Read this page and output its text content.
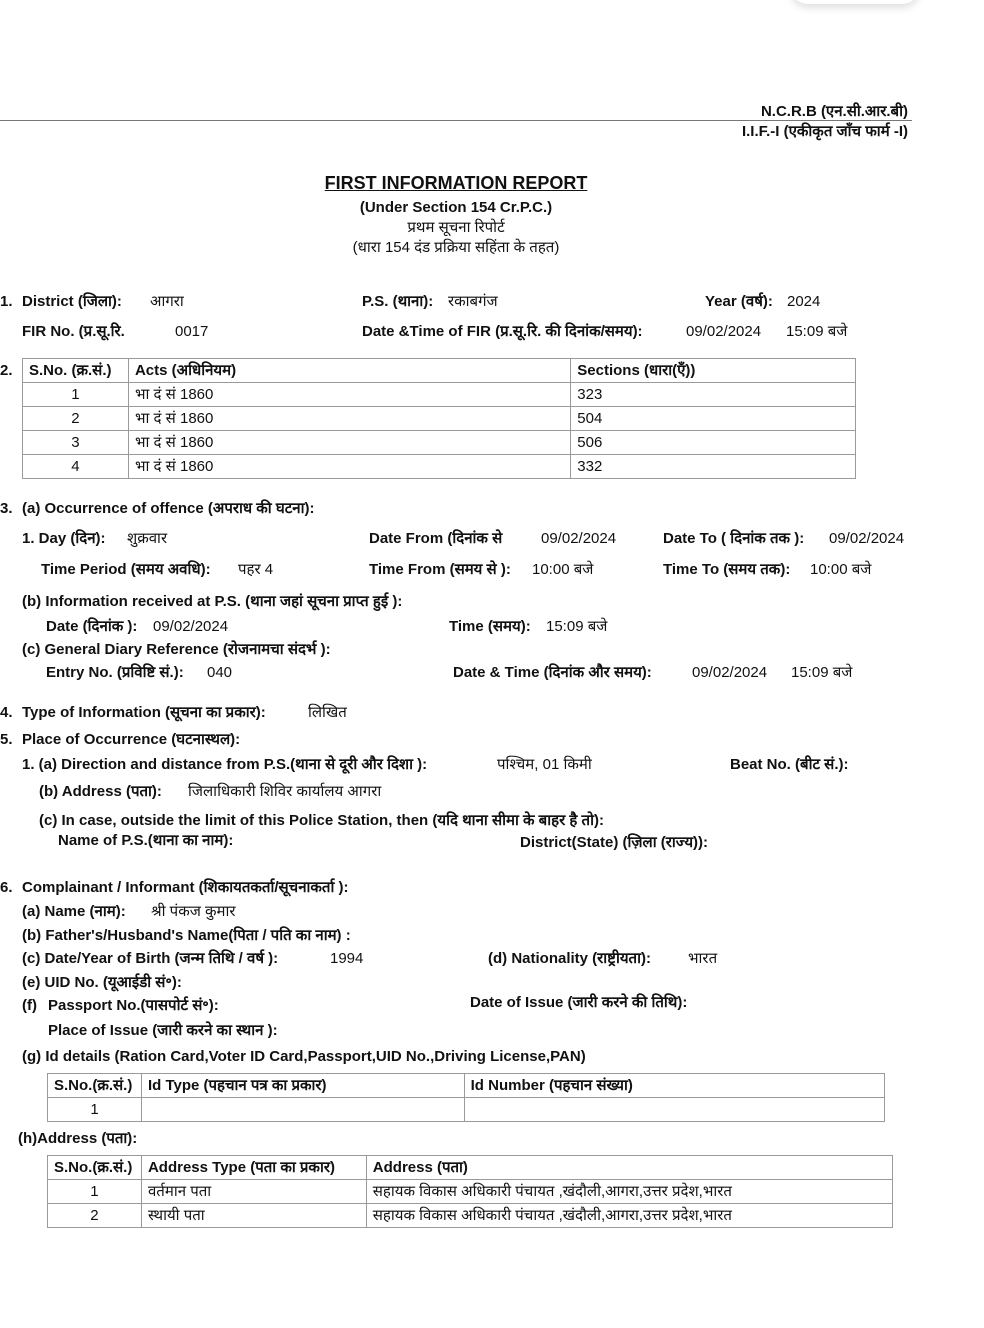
N.C.R.B (एन.सी.आर.बी)
I.I.F.-I (एकीकृत जाँच फार्म -I)
FIRST INFORMATION REPORT
(Under Section 154 Cr.P.C.)
प्रथम सूचना रिपोर्ट
(धारा 154 दंड प्रक्रिया सहिंता के तहत)
1. District (जिला): आगरा	P.S. (थाना): रकाबगंज	Year (वर्ष): 2024
FIR No. (प्र.सू.रि.	0017	Date &Time of FIR (प्र.सू.रि. की दिनांक/समय):	09/02/2024 15:09 बजे
2. S.No. (क्र.सं.)	Acts (अधिनियम)	Sections (धारा(एँ))
1	भा दं सं 1860	323
2	भा दं सं 1860	504
3	भा दं सं 1860	506
4	भा दं सं 1860	332
3. (a) Occurrence of offence (अपराध की घटना):
1. Day (दिन): शुक्रवार	Date From (दिनांक से	09/02/2024	Date To ( दिनांक तक ): 09/02/2024
Time Period (समय अवधि): पहर 4	Time From (समय से ): 10:00 बजे	Time To (समय तक): 10:00 बजे
(b) Information received at P.S. (थाना जहां सूचना प्राप्त हुई ):
Date (दिनांक ): 09/02/2024	Time (समय): 15:09 बजे
(c) General Diary Reference (रोजनामचा संदर्भ ):
Entry No. (प्रविष्टि सं.): 040	Date & Time (दिनांक और समय):	09/02/2024 15:09 बजे
4. Type of Information (सूचना का प्रकार):	लिखित
5. Place of Occurrence (घटनास्थल):
1. (a) Direction and distance from P.S.(थाना से दूरी और दिशा ):	पश्चिम, 01 किमी	Beat No. (बीट सं.):
(b) Address (पता): जिलाधिकारी शिविर कार्यालय आगरा
(c) In case, outside the limit of this Police Station, then (यदि थाना सीमा के बाहर है तो):
Name of P.S.(थाना का नाम):	District(State) (ज़िला (राज्य)):
6. Complainant / Informant (शिकायतकर्ता/सूचनाकर्ता ):
(a) Name (नाम): श्री पंकज कुमार
(b) Father's/Husband's Name(पिता / पति का नाम) :
(c) Date/Year of Birth (जन्म तिथि / वर्ष ):	1994	(d) Nationality (राष्ट्रीयता): भारत
(e) UID No. (यूआईडी सं॰):
(f) Passport No.(पासपोर्ट सं॰):	Date of Issue (जारी करने की तिथि):
Place of Issue (जारी करने का स्थान ):
(g) Id details (Ration Card,Voter ID Card,Passport,UID No.,Driving License,PAN)
S.No.(क्र.सं.)	Id Type (पहचान पत्र का प्रकार)	Id Number (पहचान संख्या)
1		
(h)Address (पता):
S.No.(क्र.सं.)	Address Type (पता का प्रकार)	Address (पता)
1	वर्तमान पता	सहायक विकास अधिकारी पंचायत ,खंदौली,आगरा,उत्तर प्रदेश,भारत
2	स्थायी पता	सहायक विकास अधिकारी पंचायत ,खंदौली,आगरा,उत्तर प्रदेश,भारत
